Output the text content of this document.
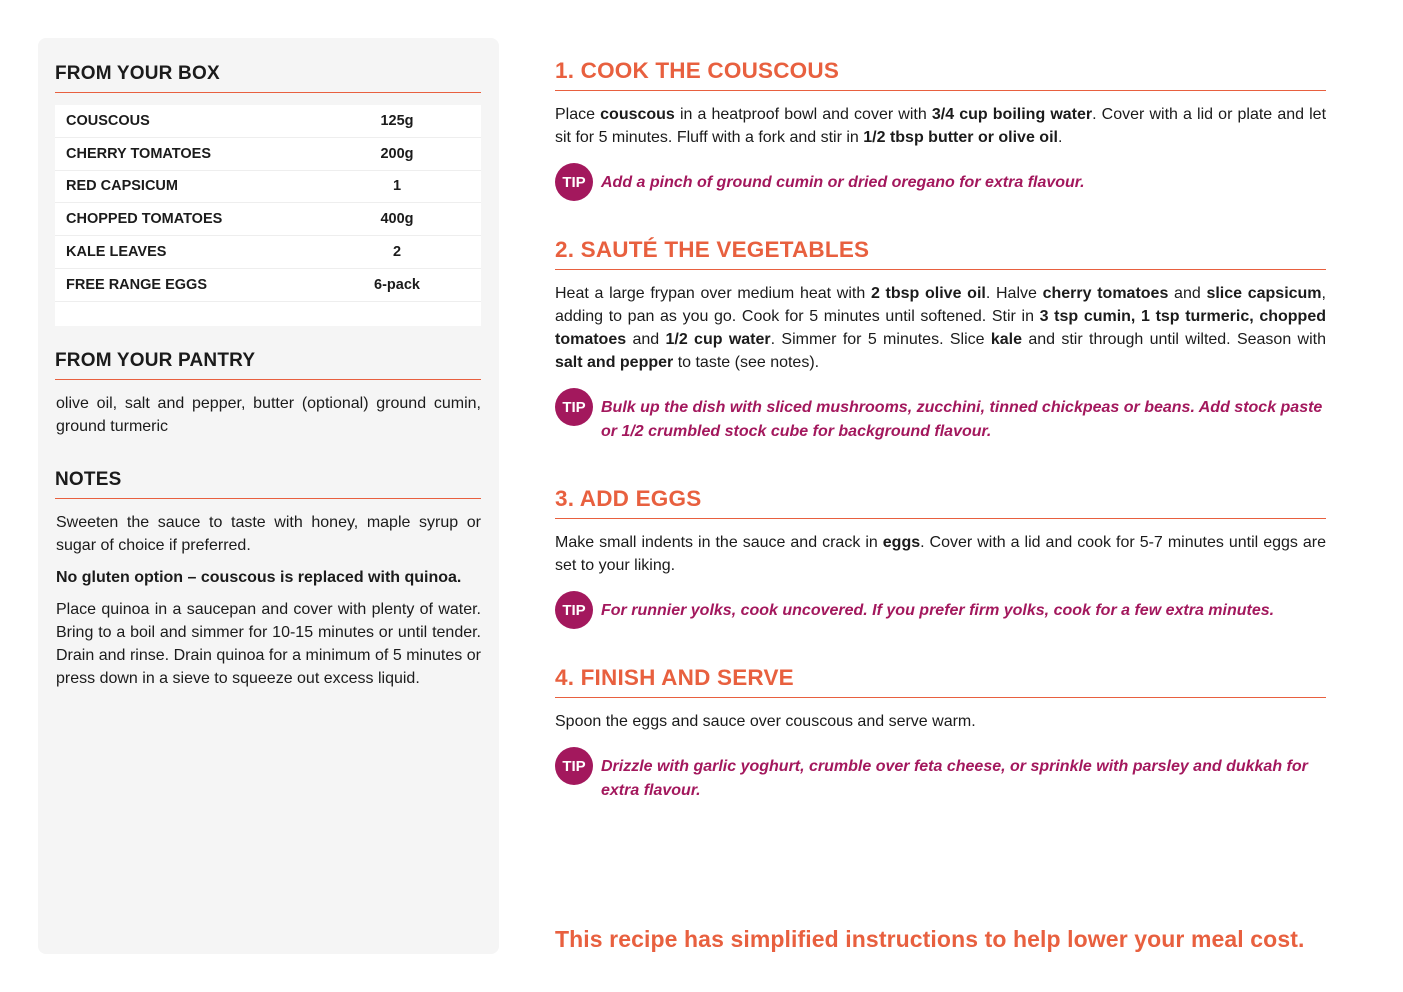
FROM YOUR BOX
COUSCOUS	125g
CHERRY TOMATOES	200g
RED CAPSICUM	1
CHOPPED TOMATOES	400g
KALE LEAVES	2
FREE RANGE EGGS	6-pack
FROM YOUR PANTRY

olive oil, salt and pepper, butter (optional) ground cumin, ground turmeric

NOTES

Sweeten the sauce to taste with honey, maple syrup or sugar of choice if preferred.

No gluten option – couscous is replaced with quinoa.

Place quinoa in a saucepan and cover with plenty of water. Bring to a boil and simmer for 10-15 minutes or until tender. Drain and rinse. Drain quinoa for a minimum of 5 minutes or press down in a sieve to squeeze out excess liquid.

1. COOK THE COUSCOUS

Place couscous in a heatproof bowl and cover with 3/4 cup boiling water. Cover with a lid or plate and let sit for 5 minutes. Fluff with a fork and stir in 1/2 tbsp butter or olive oil.

TIP Add a pinch of ground cumin or dried oregano for extra flavour.
2. SAUTÉ THE VEGETABLES

Heat a large frypan over medium heat with 2 tbsp olive oil. Halve cherry tomatoes and slice capsicum, adding to pan as you go. Cook for 5 minutes until softened. Stir in 3 tsp cumin, 1 tsp turmeric, chopped tomatoes and 1/2 cup water. Simmer for 5 minutes. Slice kale and stir through until wilted. Season with salt and pepper to taste (see notes).

TIP Bulk up the dish with sliced mushrooms, zucchini, tinned chickpeas or beans. Add stock paste or 1/2 crumbled stock cube for background flavour.
3. ADD EGGS

Make small indents in the sauce and crack in eggs. Cover with a lid and cook for 5-7 minutes until eggs are set to your liking.

TIP For runnier yolks, cook uncovered. If you prefer firm yolks, cook for a few extra minutes.
4. FINISH AND SERVE

Spoon the eggs and sauce over couscous and serve warm.

TIP Drizzle with garlic yoghurt, crumble over feta cheese, or sprinkle with parsley and dukkah for extra flavour.

This recipe has simplified instructions to help lower your meal cost.
